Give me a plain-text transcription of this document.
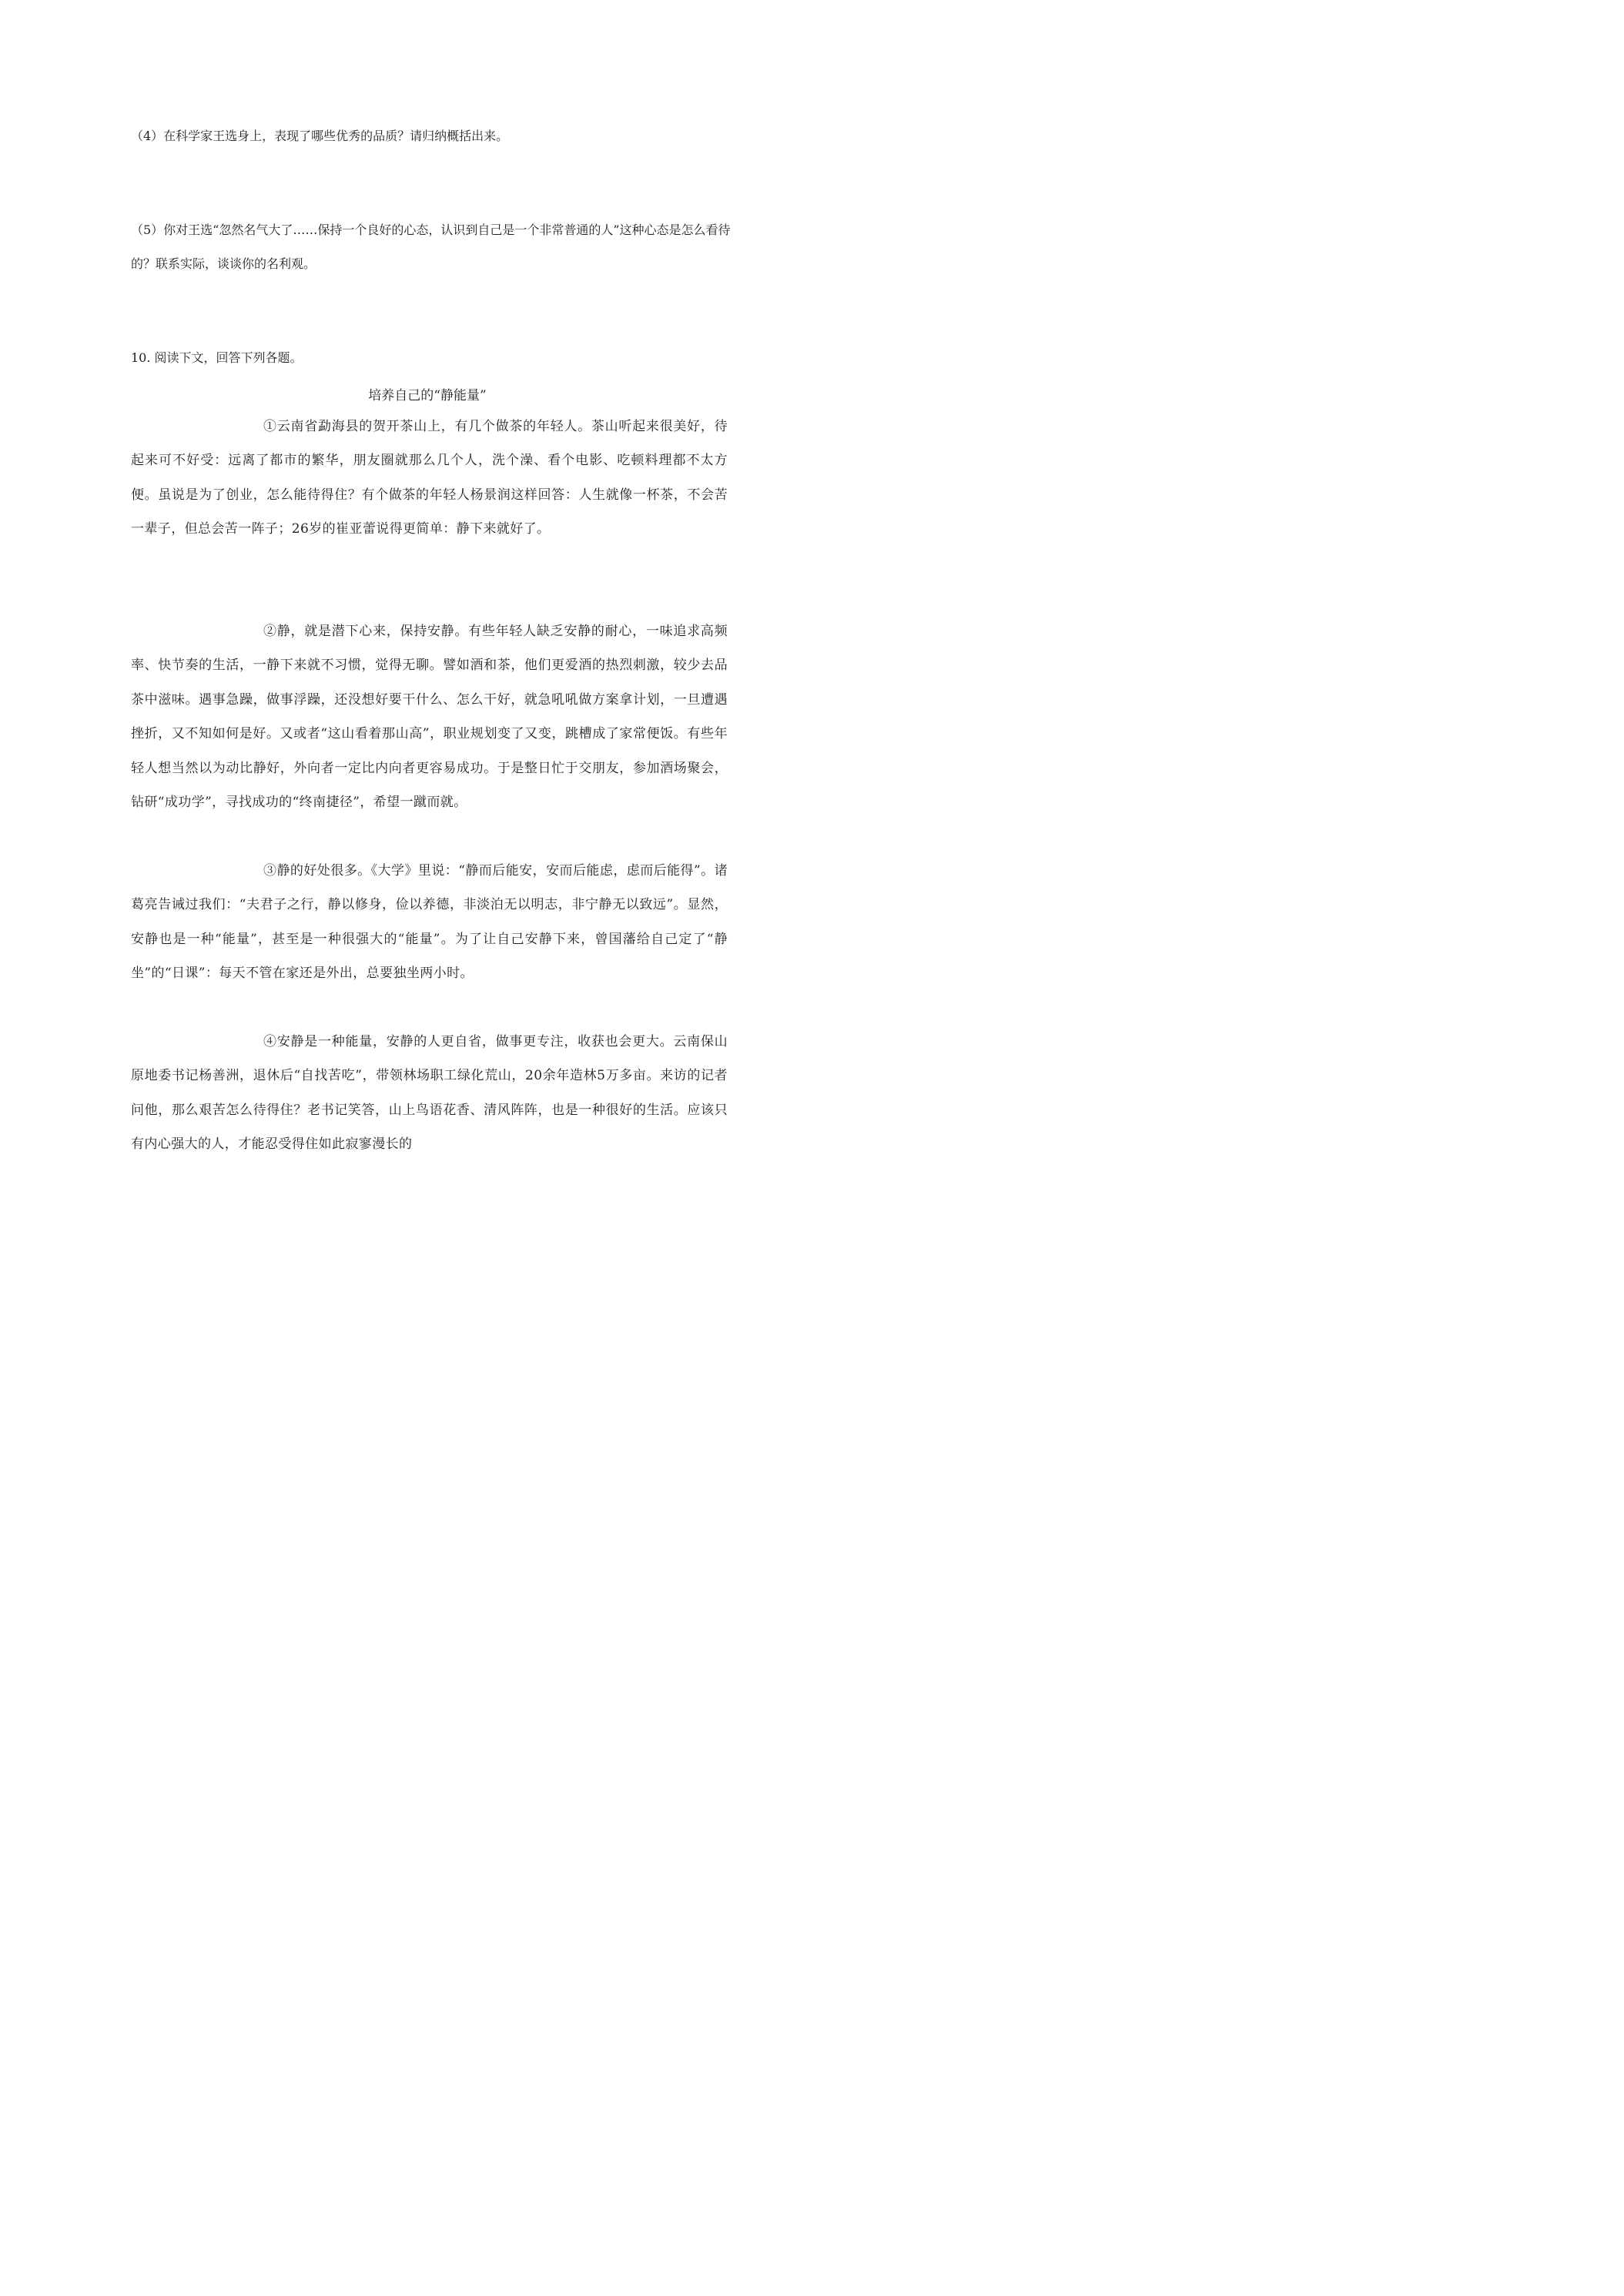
（4）在科学家王选身上，表现了哪些优秀的品质？请归纳概括出来。

（5）你对王选“忽然名气大了……保持一个良好的心态，认识到自己是一个非常普通的人”这种心态是怎么看待的？联系实际，谈谈你的名利观。

10. 阅读下文，回答下列各题。

培养自己的“静能量”

①云南省勐海县的贺开茶山上，有几个做茶的年轻人。茶山听起来很美好，待起来可不好受：远离了都市的繁华，朋友圈就那么几个人，洗个澡、看个电影、吃顿料理都不太方便。虽说是为了创业，怎么能待得住？有个做茶的年轻人杨景润这样回答：人生就像一杯茶，不会苦一辈子，但总会苦一阵子；26岁的崔亚蕾说得更简单：静下来就好了。

②静，就是潜下心来，保持安静。有些年轻人缺乏安静的耐心，一味追求高频率、快节奏的生活，一静下来就不习惯，觉得无聊。譬如酒和茶，他们更爱酒的热烈刺激，较少去品茶中滋味。遇事急躁，做事浮躁，还没想好要干什么、怎么干好，就急吼吼做方案拿计划，一旦遭遇挫折，又不知如何是好。又或者“这山看着那山高”，职业规划变了又变，跳槽成了家常便饭。有些年轻人想当然以为动比静好，外向者一定比内向者更容易成功。于是整日忙于交朋友，参加酒场聚会，钻研“成功学”，寻找成功的“终南捷径”，希望一蹴而就。

③静的好处很多。《大学》里说：“静而后能安，安而后能虑，虑而后能得”。诸葛亮告诫过我们：“夫君子之行，静以修身，俭以养德，非淡泊无以明志，非宁静无以致远”。显然，安静也是一种“能量”，甚至是一种很强大的“能量”。为了让自己安静下来，曾国藩给自己定了“静坐”的“日课”：每天不管在家还是外出，总要独坐两小时。

④安静是一种能量，安静的人更自省，做事更专注，收获也会更大。云南保山原地委书记杨善洲，退休后“自找苦吃”，带领林场职工绿化荒山，20余年造林5万多亩。来访的记者问他，那么艰苦怎么待得住？老书记笑答，山上鸟语花香、清风阵阵，也是一种很好的生活。应该只有内心强大的人，才能忍受得住如此寂寥漫长的
